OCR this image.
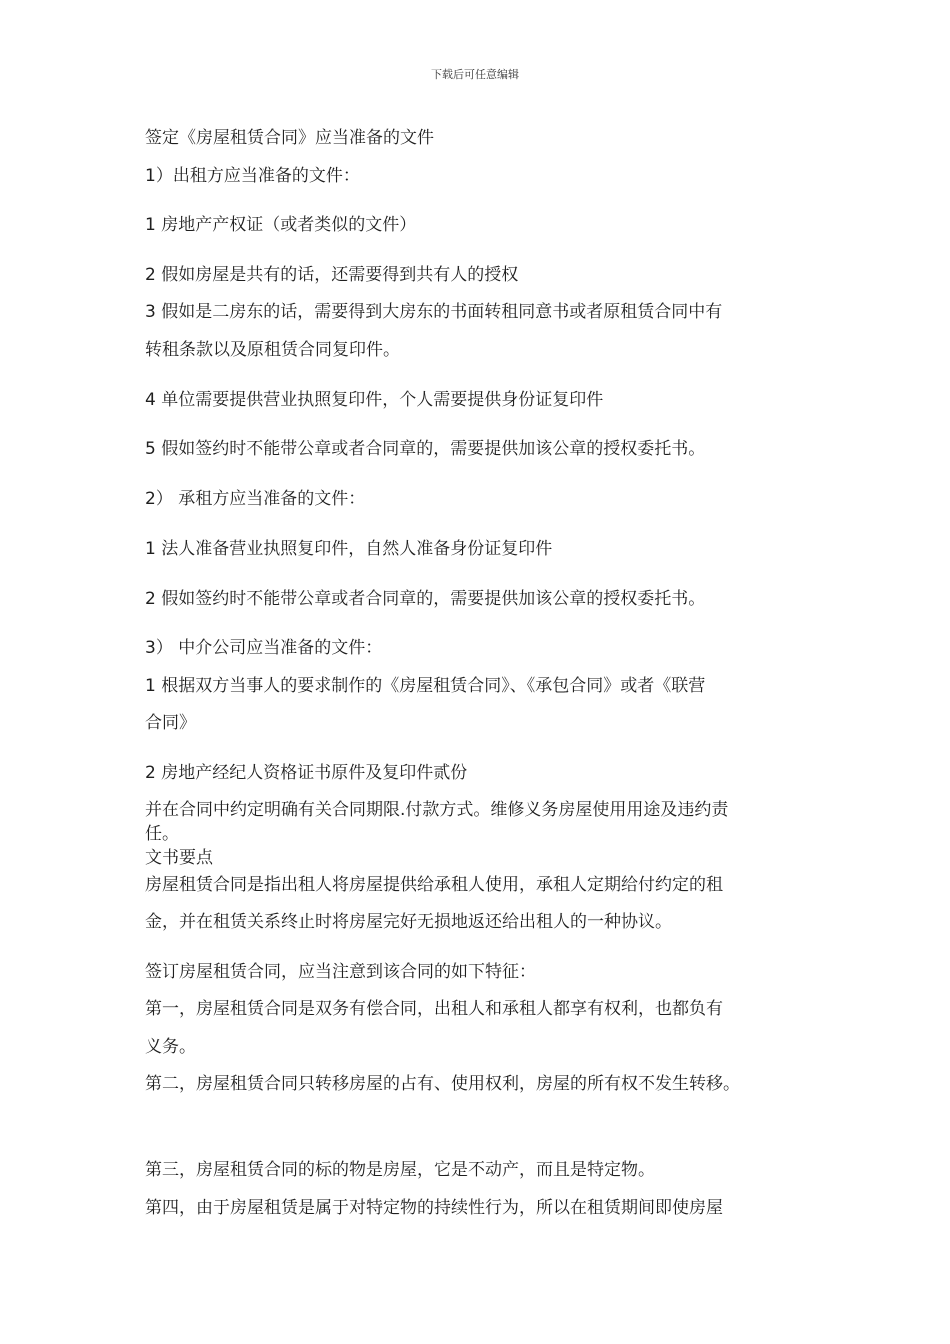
下载后可任意编辑
签定《房屋租赁合同》应当准备的文件
1）出租方应当准备的文件：
1 房地产产权证（或者类似的文件）
2 假如房屋是共有的话，还需要得到共有人的授权
3 假如是二房东的话，需要得到大房东的书面转租同意书或者原租赁合同中有
转租条款以及原租赁合同复印件。
4 单位需要提供营业执照复印件，个人需要提供身份证复印件
5 假如签约时不能带公章或者合同章的，需要提供加该公章的授权委托书。
2） 承租方应当准备的文件：
1 法人准备营业执照复印件，自然人准备身份证复印件
2 假如签约时不能带公章或者合同章的，需要提供加该公章的授权委托书。
3） 中介公司应当准备的文件：
1 根据双方当事人的要求制作的《房屋租赁合同》、《承包合同》或者《联营
合同》
2 房地产经纪人资格证书原件及复印件贰份
并在合同中约定明确有关合同期限.付款方式。维修义务房屋使用用途及违约责
任。
文书要点
房屋租赁合同是指出租人将房屋提供给承租人使用，承租人定期给付约定的租
金，并在租赁关系终止时将房屋完好无损地返还给出租人的一种协议。
签订房屋租赁合同，应当注意到该合同的如下特征：
第一，房屋租赁合同是双务有偿合同，出租人和承租人都享有权利，也都负有
义务。
第二，房屋租赁合同只转移房屋的占有、使用权利，房屋的所有权不发生转移。
第三，房屋租赁合同的标的物是房屋，它是不动产，而且是特定物。
第四，由于房屋租赁是属于对特定物的持续性行为，所以在租赁期间即使房屋
